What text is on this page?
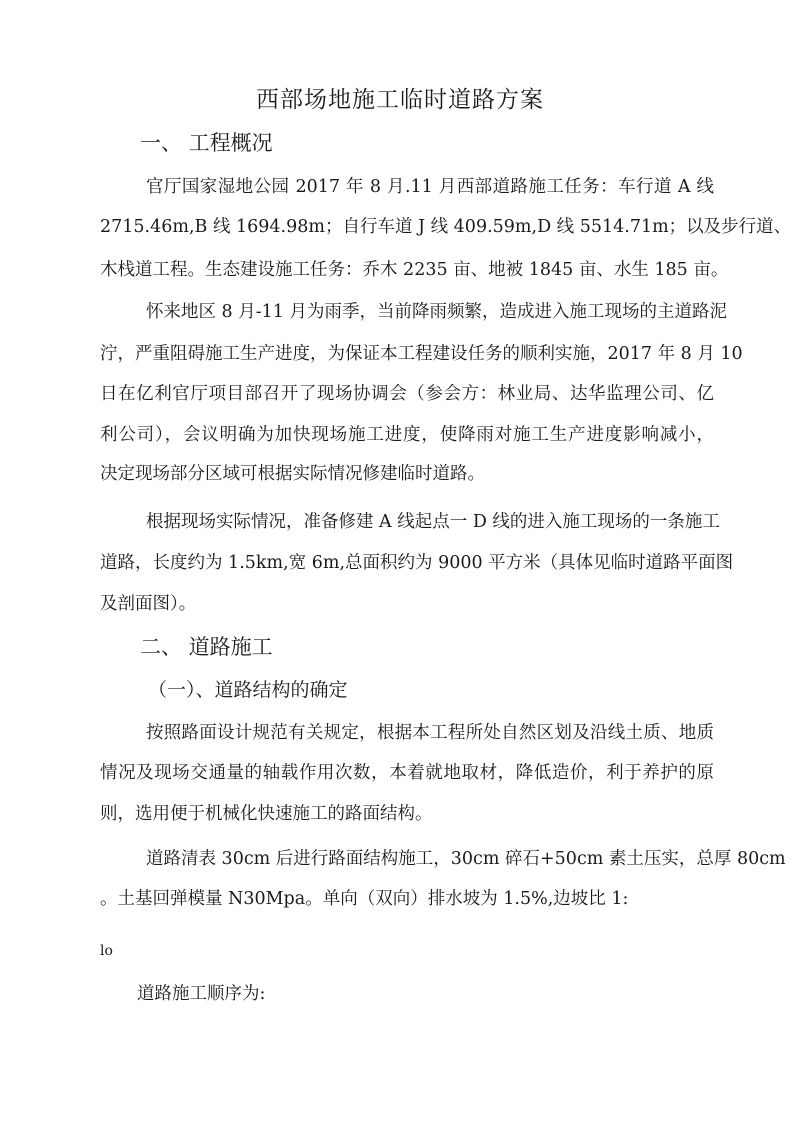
西部场地施工临时道路方案
一、 工程概况
官厅国家湿地公园 2017 年 8 月.11 月西部道路施工任务：车行道 A 线
2715.46m,B 线 1694.98m；自行车道 J 线 409.59m,D 线 5514.71m；以及步行道、
木栈道工程。生态建设施工任务：乔木 2235 亩、地被 1845 亩、水生 185 亩。
怀来地区 8 月-11 月为雨季，当前降雨频繁，造成进入施工现场的主道路泥
泞，严重阻碍施工生产进度，为保证本工程建设任务的顺利实施，2017 年 8 月 10
日在亿利官厅项目部召开了现场协调会（参会方：林业局、达华监理公司、亿
利公司），会议明确为加快现场施工进度，使降雨对施工生产进度影响减小，
决定现场部分区域可根据实际情况修建临时道路。
根据现场实际情况，准备修建 A 线起点一 D 线的进入施工现场的一条施工
道路，长度约为 1.5km,宽 6m,总面积约为 9000 平方米（具体见临时道路平面图
及剖面图）。
二、 道路施工
（一）、道路结构的确定
按照路面设计规范有关规定，根据本工程所处自然区划及沿线土质、地质
情况及现场交通量的轴载作用次数，本着就地取材，降低造价，利于养护的原
则，选用便于机械化快速施工的路面结构。
道路清表 30cm 后进行路面结构施工，30cm 碎石+50cm 素土压实，总厚 80cm
。土基回弹模量 N30Mpa。单向（双向）排水坡为 1.5%,边坡比 1:
lo
道路施工顺序为:
